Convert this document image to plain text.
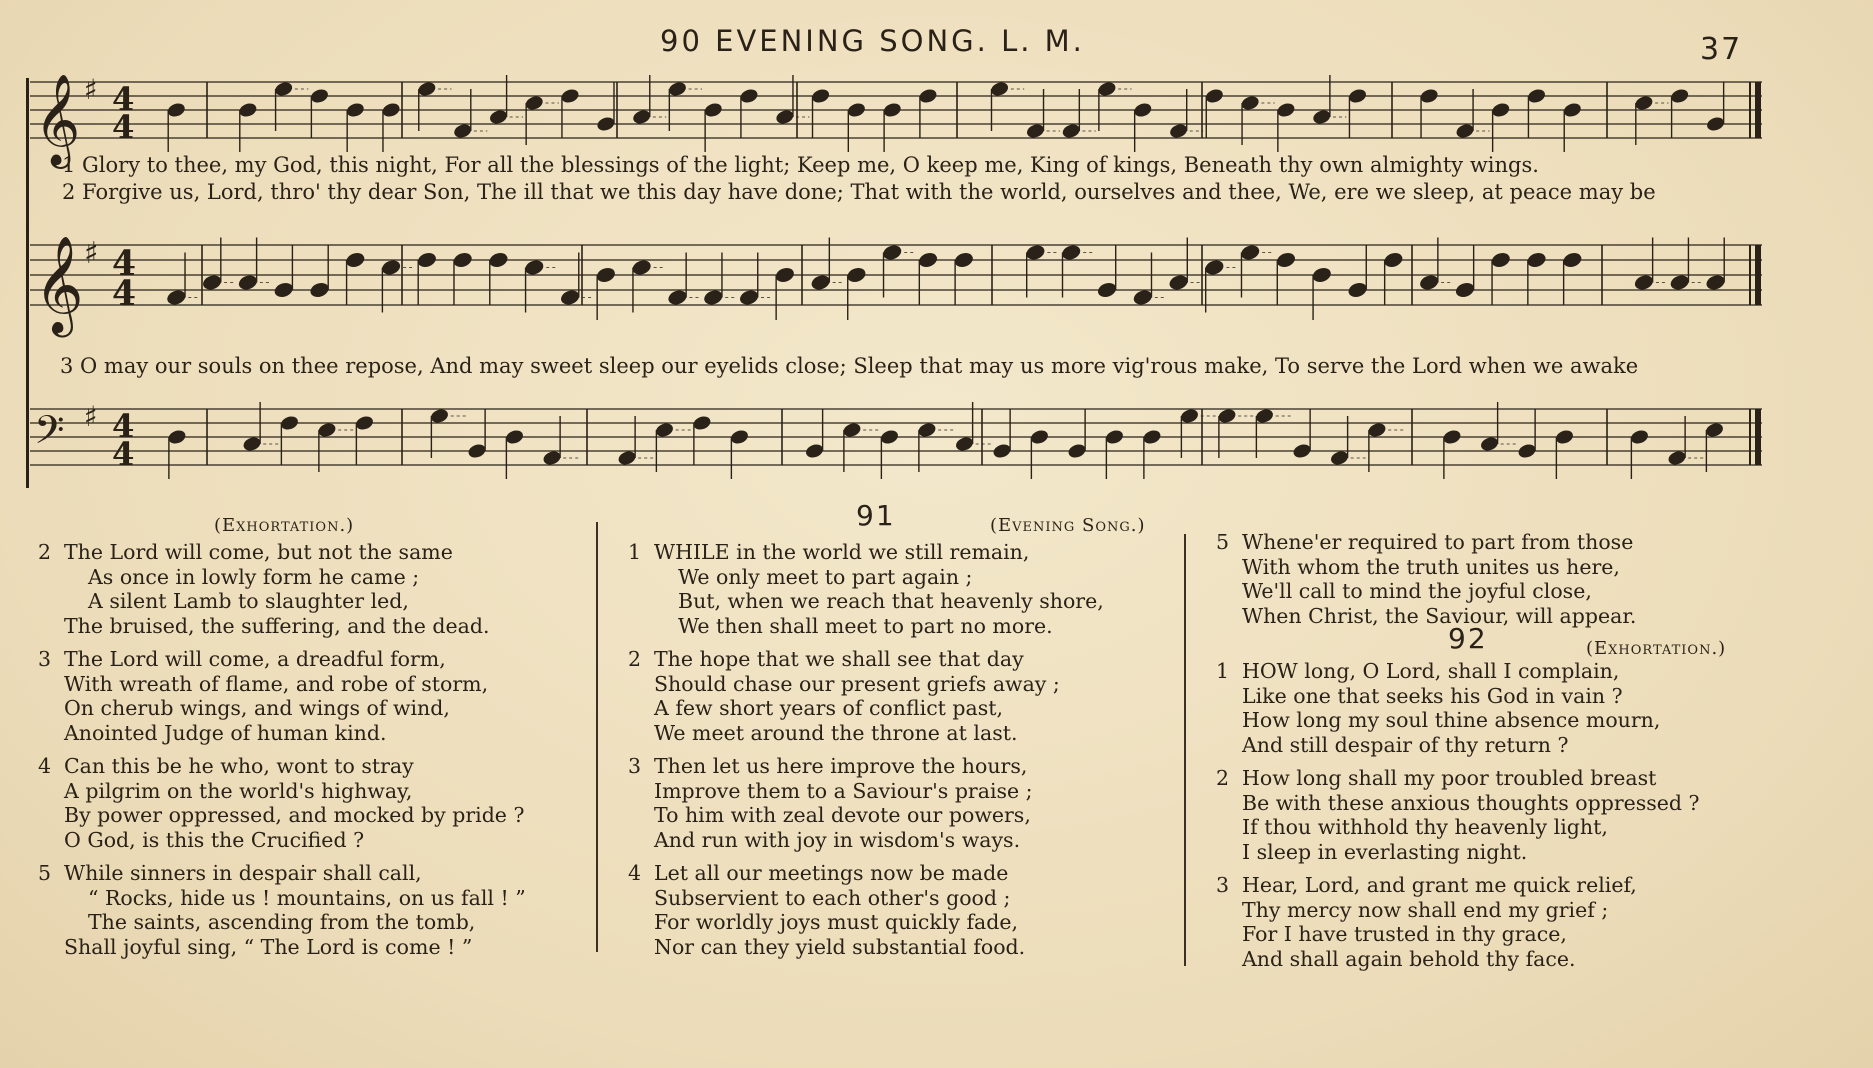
90 EVENING SONG. L. M.	37
𝄞 ♯ 4
4
1 Glory to thee, my God, this night, For all the blessings of the light; Keep me, O keep me, King of kings, Beneath thy own almighty wings.
2 Forgive us, Lord, thro' thy dear Son, The ill that we this day have done; That with the world, ourselves and thee, We, ere we sleep, at peace may be
𝄞 ♯ 4
4
3 O may our souls on thee repose, And may sweet sleep our eyelids close; Sleep that may us more vig'rous make, To serve the Lord when we awake
𝄢 ♯ 4
4
(Exhortation.)
2 The Lord will come, but not the same
As once in lowly form he came ;
A silent Lamb to slaughter led,
The bruised, the suffering, and the dead.
3 The Lord will come, a dreadful form,
With wreath of flame, and robe of storm,
On cherub wings, and wings of wind,
Anointed Judge of human kind.
4 Can this be he who, wont to stray
A pilgrim on the world's highway,
By power oppressed, and mocked by pride ?
O God, is this the Crucified ?
5 While sinners in despair shall call,
“ Rocks, hide us ! mountains, on us fall ! ”
The saints, ascending from the tomb,
Shall joyful sing, “ The Lord is come ! ”
91	(Evening Song.)
1 WHILE in the world we still remain,
We only meet to part again ;
But, when we reach that heavenly shore,
We then shall meet to part no more.
2 The hope that we shall see that day
Should chase our present griefs away ;
A few short years of conflict past,
We meet around the throne at last.
3 Then let us here improve the hours,
Improve them to a Saviour's praise ;
To him with zeal devote our powers,
And run with joy in wisdom's ways.
4 Let all our meetings now be made
Subservient to each other's good ;
For worldly joys must quickly fade,
Nor can they yield substantial food.
5 Whene'er required to part from those
With whom the truth unites us here,
We'll call to mind the joyful close,
When Christ, the Saviour, will appear.
92	(Exhortation.)
1 HOW long, O Lord, shall I complain,
Like one that seeks his God in vain ?
How long my soul thine absence mourn,
And still despair of thy return ?
2 How long shall my poor troubled breast
Be with these anxious thoughts oppressed ?
If thou withhold thy heavenly light,
I sleep in everlasting night.
3 Hear, Lord, and grant me quick relief,
Thy mercy now shall end my grief ;
For I have trusted in thy grace,
And shall again behold thy face.
